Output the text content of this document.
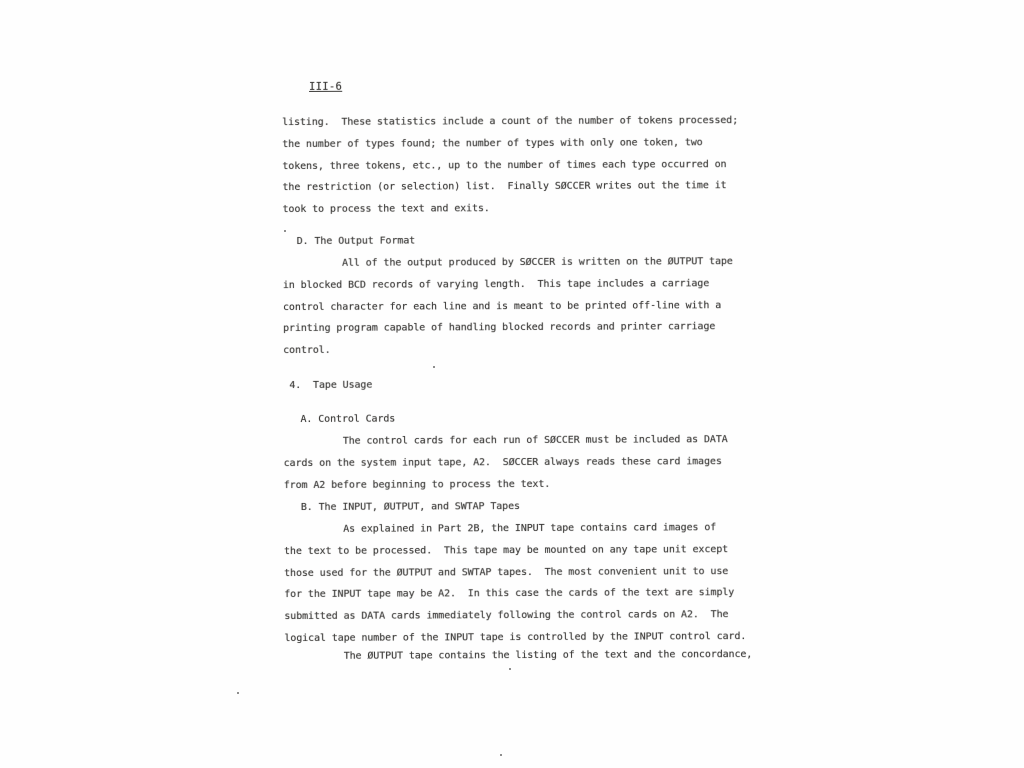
III-6
listing.  These statistics include a count of the number of tokens processed;
the number of types found; the number of types with only one token, two
tokens, three tokens, etc., up to the number of times each type occurred on
the restriction (or selection) list.  Finally SØCCER writes out the time it
took to process the text and exits.
D. The Output Format
All of the output produced by SØCCER is written on the ØUTPUT tape
in blocked BCD records of varying length.  This tape includes a carriage
control character for each line and is meant to be printed off-line with a
printing program capable of handling blocked records and printer carriage
control.
4.  Tape Usage
A. Control Cards
The control cards for each run of SØCCER must be included as DATA
cards on the system input tape, A2.  SØCCER always reads these card images
from A2 before beginning to process the text.
B. The INPUT, ØUTPUT, and SWTAP Tapes
As explained in Part 2B, the INPUT tape contains card images of
the text to be processed.  This tape may be mounted on any tape unit except
those used for the ØUTPUT and SWTAP tapes.  The most convenient unit to use
for the INPUT tape may be A2.  In this case the cards of the text are simply
submitted as DATA cards immediately following the control cards on A2.  The
logical tape number of the INPUT tape is controlled by the INPUT control card.
The ØUTPUT tape contains the listing of the text and the concordance,
